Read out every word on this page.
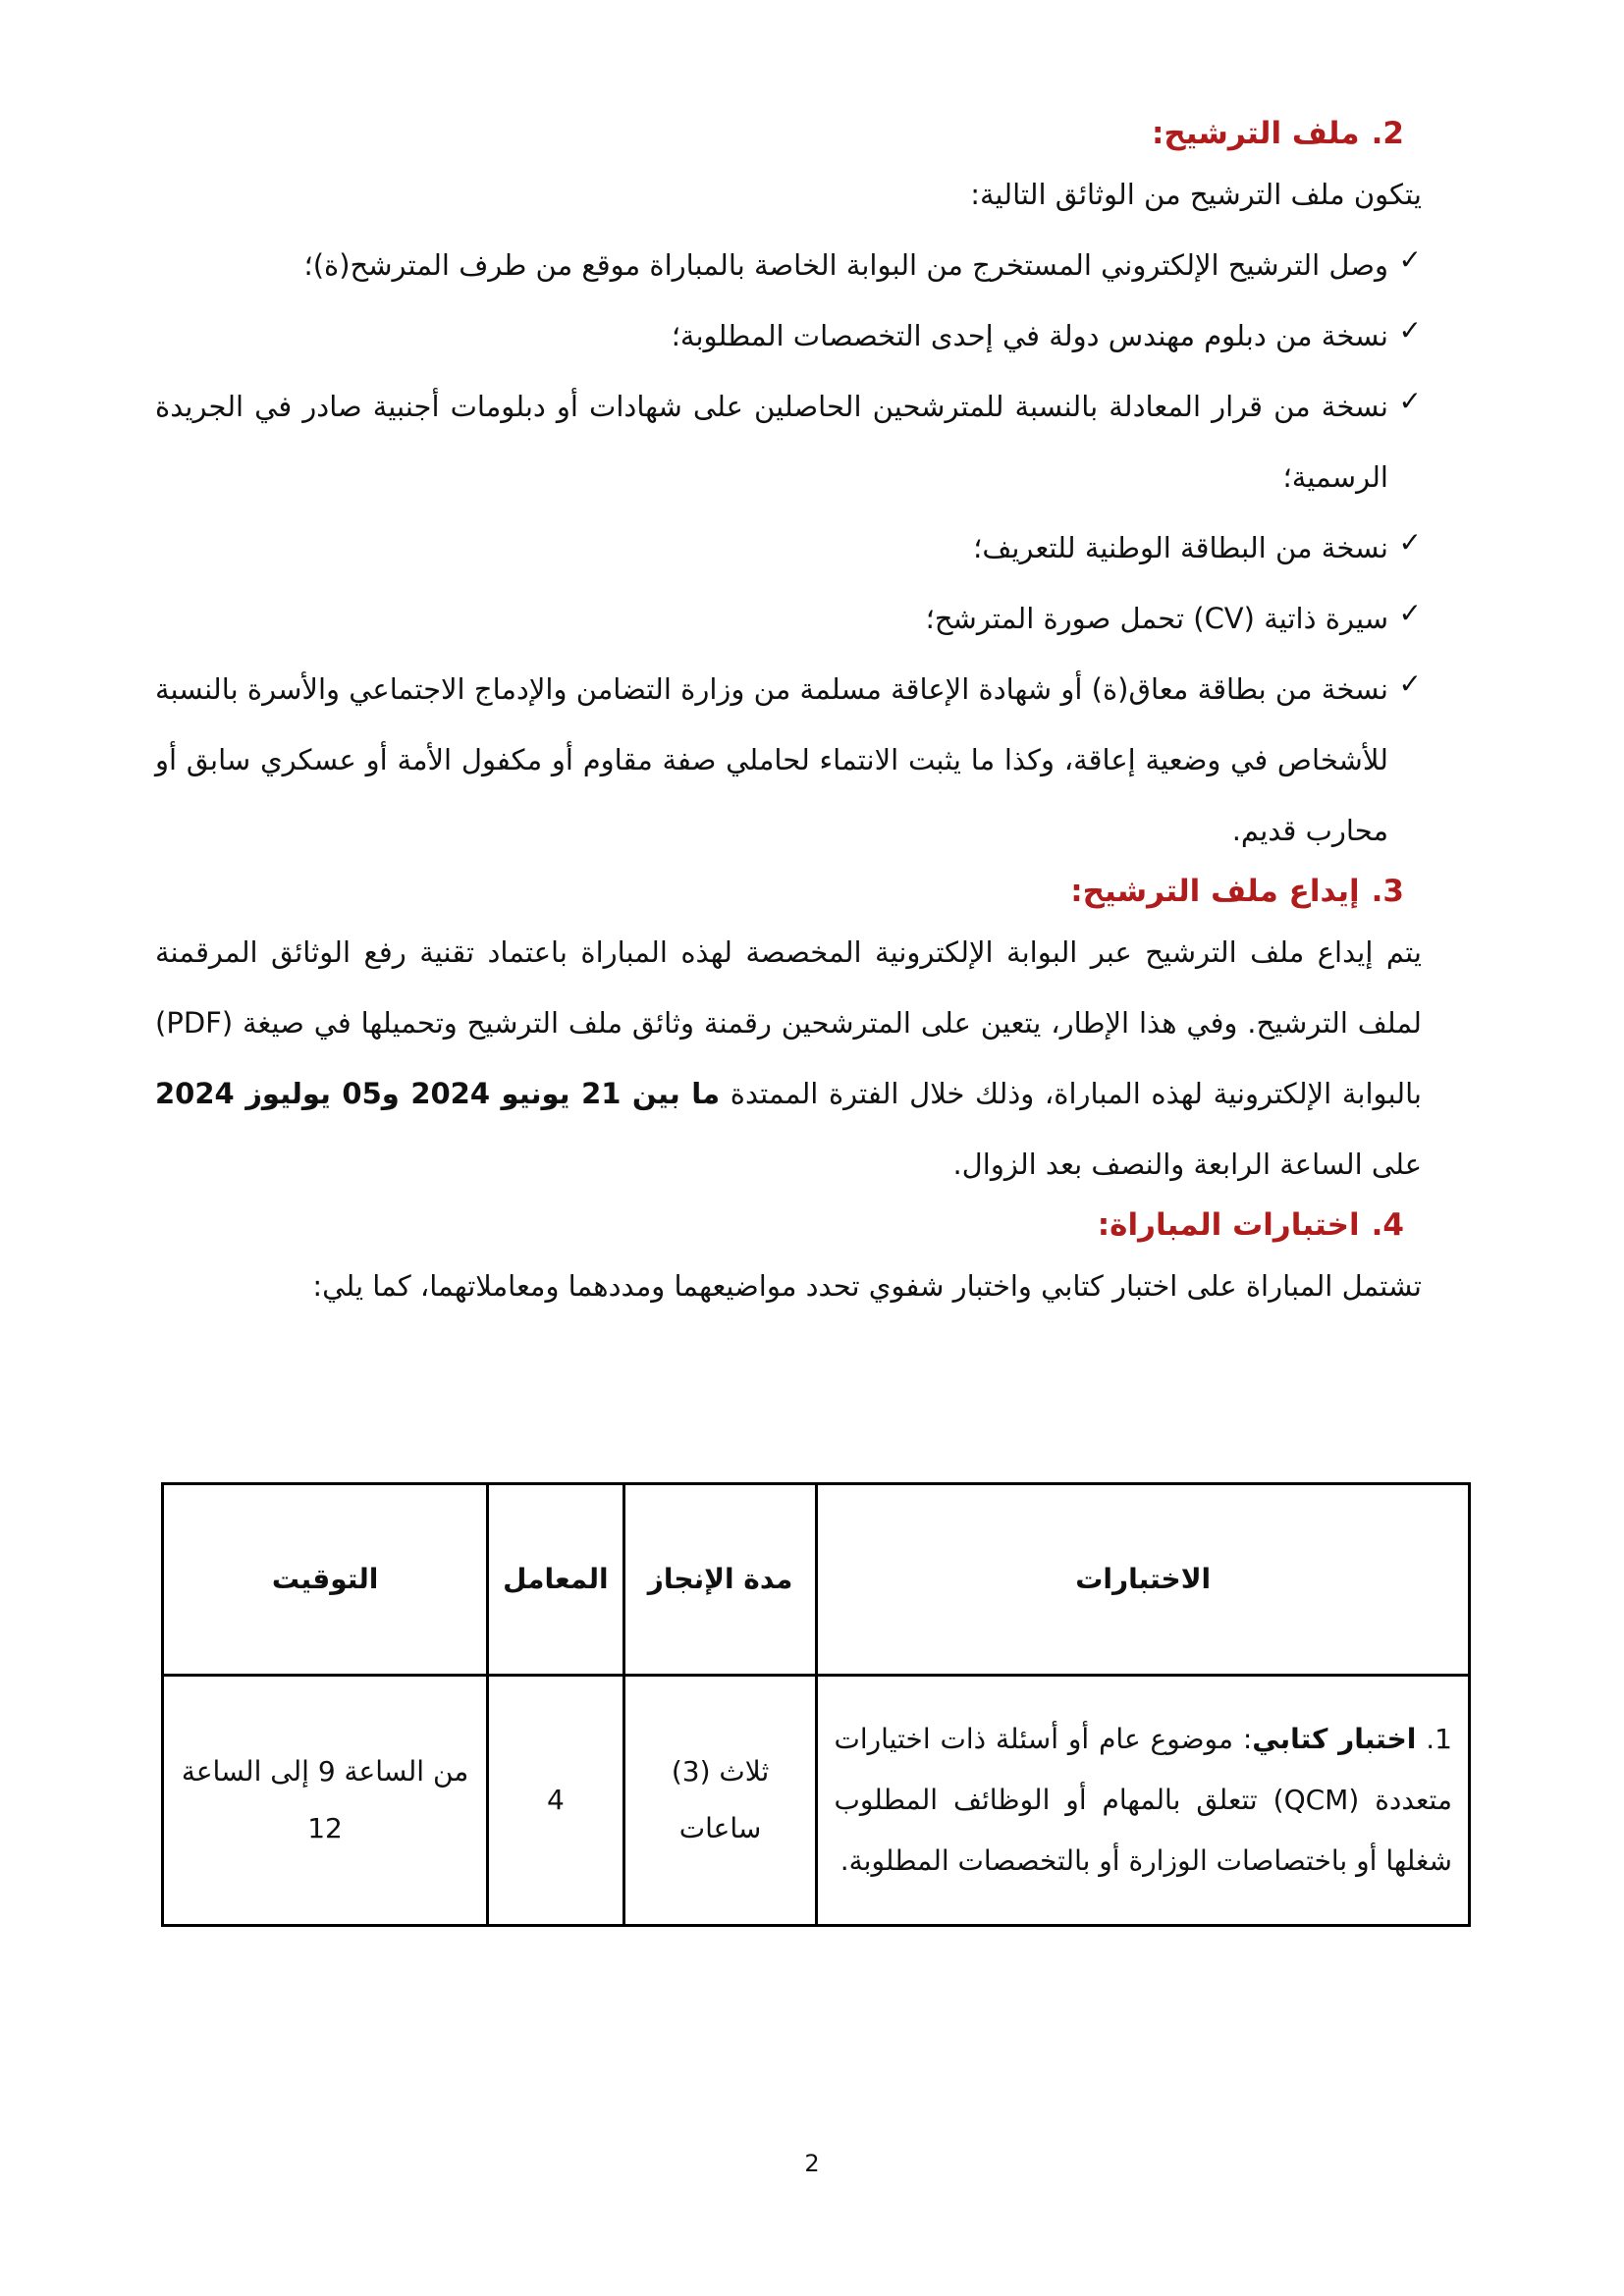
2.ملف الترشيح:

يتكون ملف الترشيح من الوثائق التالية:

✓
وصل الترشيح الإلكتروني المستخرج من البوابة الخاصة بالمباراة موقع من طرف المترشح(ة)؛
✓
نسخة من دبلوم مهندس دولة في إحدى التخصصات المطلوبة؛
✓
نسخة من قرار المعادلة بالنسبة للمترشحين الحاصلين على شهادات أو دبلومات أجنبية صادر في الجريدة الرسمية؛
✓
نسخة من البطاقة الوطنية للتعريف؛
✓
سيرة ذاتية (CV) تحمل صورة المترشح؛
✓
نسخة من بطاقة معاق(ة) أو شهادة الإعاقة مسلمة من وزارة التضامن والإدماج الاجتماعي والأسرة بالنسبة للأشخاص في وضعية إعاقة، وكذا ما يثبت الانتماء لحاملي صفة مقاوم أو مكفول الأمة أو عسكري سابق أو محارب قديم.
3.إيداع ملف الترشيح:

يتم إيداع ملف الترشيح عبر البوابة الإلكترونية المخصصة لهذه المباراة باعتماد تقنية رفع الوثائق المرقمنة لملف الترشيح. وفي هذا الإطار، يتعين على المترشحين رقمنة وثائق ملف الترشيح وتحميلها في صيغة (PDF) بالبوابة الإلكترونية لهذه المباراة، وذلك خلال الفترة الممتدة ما بين 21 يونيو 2024 و05 يوليوز 2024 على الساعة الرابعة والنصف بعد الزوال.

4.اختبارات المباراة:

تشتمل المباراة على اختبار كتابي واختبار شفوي تحدد مواضيعهما ومددهما ومعاملاتهما، كما يلي:

الاختبارات	مدة الإنجاز	المعامل	التوقيت
1. اختبار كتابي: موضوع عام أو أسئلة ذات اختيارات متعددة (QCM) تتعلق بالمهام أو الوظائف المطلوب شغلها أو باختصاصات الوزارة أو بالتخصصات المطلوبة.	ثلاث (3) ساعات	4	من الساعة 9 إلى الساعة 12
2
